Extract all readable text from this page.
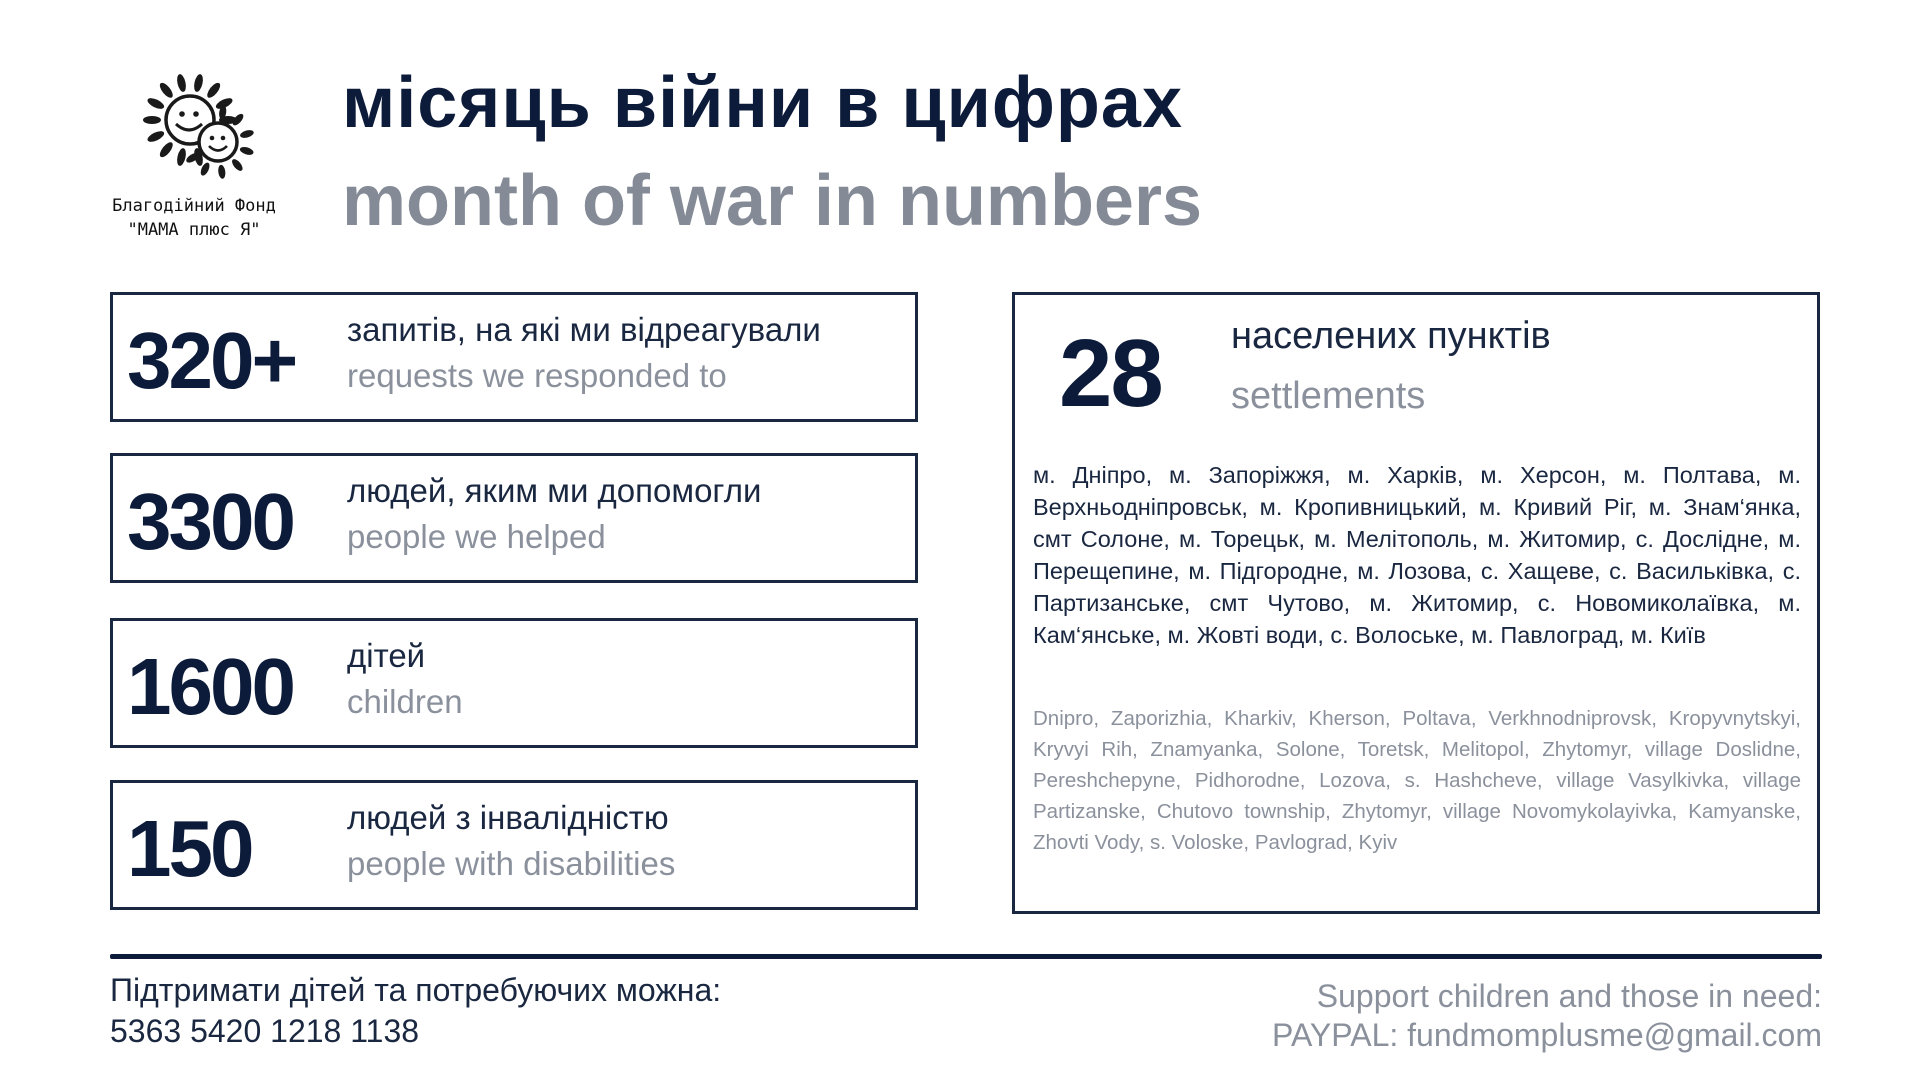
Благодійний Фонд
"МАМА плюс Я"
місяць війни в цифрах
month of war in numbers
320+ запитів, на які ми відреагували
requests we responded to
3300 людей, яким ми допомогли
people we helped
1600 дітей
children
150	людей з інвалідністю
people with disabilities
28 населених пунктів
settlements
м. Дніпро, м. Запоріжжя, м. Харків, м. Херсон, м. Полтава, м. Верхньодніпровськ, м. Кропивницький, м. Кривий Ріг, м. Знам‘янка, смт Солоне, м. Торецьк, м. Мелітополь, м. Житомир, с. Дослідне, м. Перещепине, м. Підгородне, м. Лозова, с. Хащеве, с. Васильківка, с. Партизанське, смт Чутово, м. Житомир, с. Новомиколаївка, м. Кам‘янське, м. Жовті води, с. Волоське, м. Павлоград, м. Київ
Dnipro, Zaporizhia, Kharkiv, Kherson, Poltava, Verkhnodniprovsk, Kropyvnytskyi, Kryvyi Rih, Znamyanka, Solone, Toretsk, Melitopol, Zhytomyr, village Doslidne, Pereshchepyne, Pidhorodne, Lozova, s. Hashcheve, village Vasylkivka, village Partizanske, Chutovo township, Zhytomyr, village Novomykolayivka, Kamyanske, Zhovti Vody, s. Voloske, Pavlograd, Kyiv
Підтримати дітей та потребуючих можна:
5363 5420 1218 1138
Support children and those in need:
PAYPAL: fundmomplusme@gmail.com
